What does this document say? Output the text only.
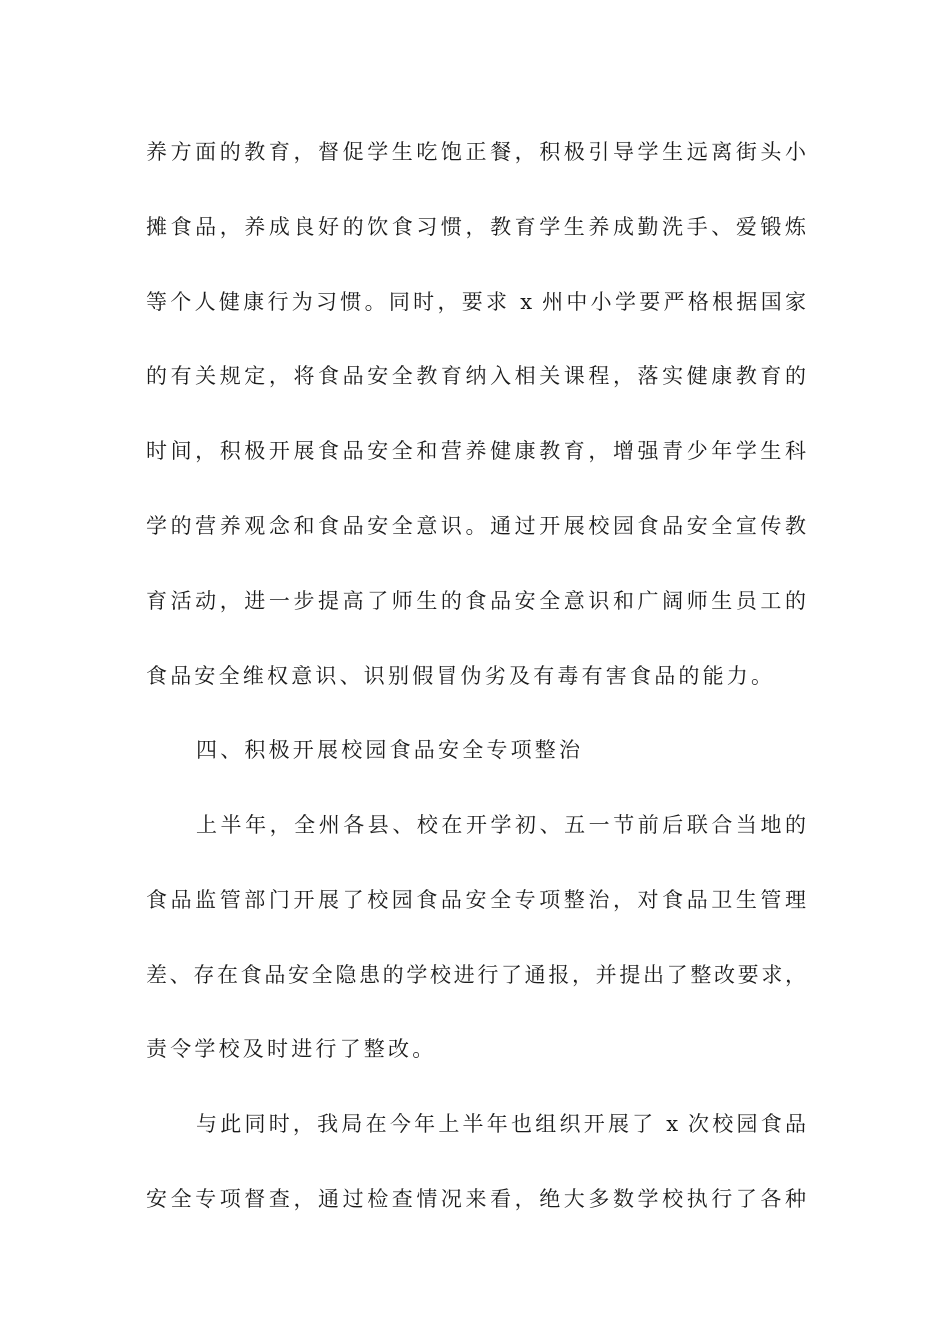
养方面的教育，督促学生吃饱正餐，积极引导学生远离街头小
摊食品，养成良好的饮食习惯，教育学生养成勤洗手、爱锻炼
等个人健康行为习惯。同时，要求 x 州中小学要严格根据国家
的有关规定，将食品安全教育纳入相关课程，落实健康教育的
时间，积极开展食品安全和营养健康教育，增强青少年学生科
学的营养观念和食品安全意识。通过开展校园食品安全宣传教
育活动，进一步提高了师生的食品安全意识和广阔师生员工的
食品安全维权意识、识别假冒伪劣及有毒有害食品的能力。
四、积极开展校园食品安全专项整治
上半年，全州各县、校在开学初、五一节前后联合当地的
食品监管部门开展了校园食品安全专项整治，对食品卫生管理
差、存在食品安全隐患的学校进行了通报，并提出了整改要求，
责令学校及时进行了整改。
与此同时，我局在今年上半年也组织开展了 x 次校园食品
安全专项督查，通过检查情况来看，绝大多数学校执行了各种
